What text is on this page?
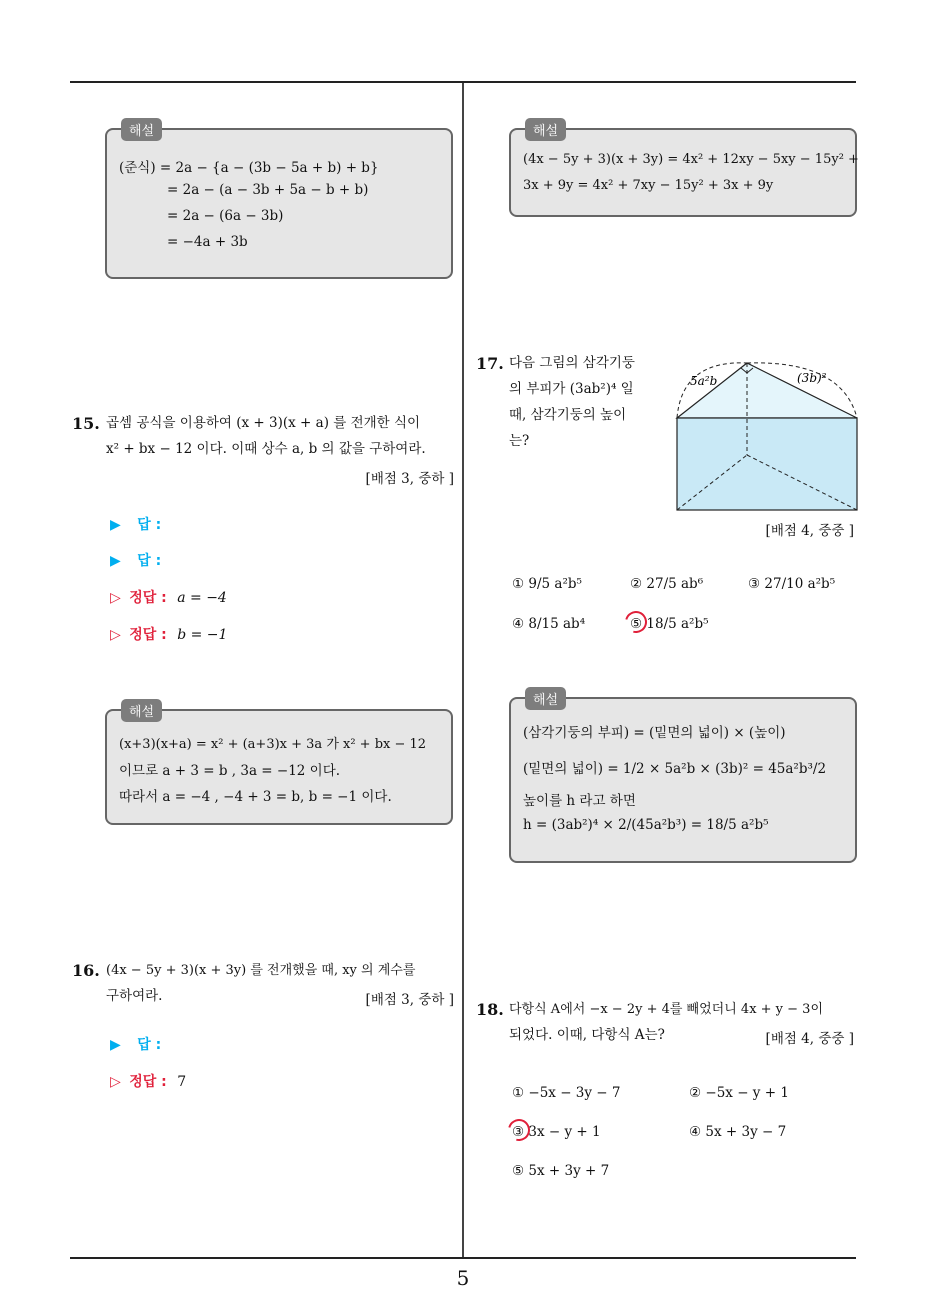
해설
(준식) = 2a − {a − (3b − 5a + b) + b}
= 2a − (a − 3b + 5a − b + b)
= 2a − (6a − 3b)
= −4a + 3b
해설
(4x − 5y + 3)(x + 3y) = 4x² + 12xy − 5xy − 15y² +
3x + 9y = 4x² + 7xy − 15y² + 3x + 9y
15. 곱셈 공식을 이용하여 (x + 3)(x + a) 를 전개한 식이
x² + bx − 12 이다. 이때 상수 a, b 의 값을 구하여라.
[배점 3, 중하 ]
▶ 답 :
▶ 답 :
▷ 정답 : a = −4
▷ 정답 : b = −1
해설
(x+3)(x+a) = x² + (a+3)x + 3a 가 x² + bx − 12
이므로 a + 3 = b , 3a = −12 이다.
따라서 a = −4 , −4 + 3 = b, b = −1 이다.
16. (4x − 5y + 3)(x + 3y) 를 전개했을 때, xy 의 계수를
구하여라.	[배점 3, 중하 ]
▶ 답 :
▷ 정답 : 7
17. 다음 그림의 삼각기둥
의 부피가 (3ab²)⁴ 일
때, 삼각기둥의 높이
는?
5a²b	(3b)²
[배점 4, 중중 ]
① 9/5 a²b⁵	② 27/5 ab⁶	③ 27/10 a²b⁵
④ 8/15 ab⁴	⑤ 18/5 a²b⁵
해설
(삼각기둥의 부피) = (밑면의 넓이) × (높이)
(밑면의 넓이) = 1/2 × 5a²b × (3b)² = 45a²b³/2
높이를 h 라고 하면
h = (3ab²)⁴ × 2/(45a²b³) = 18/5 a²b⁵
18. 다항식 A에서 −x − 2y + 4를 빼었더니 4x + y − 3이
되었다. 이때, 다항식 A는?	[배점 4, 중중 ]
① −5x − 3y − 7	② −5x − y + 1
③ 3x − y + 1	④ 5x + 3y − 7
⑤ 5x + 3y + 7
5
